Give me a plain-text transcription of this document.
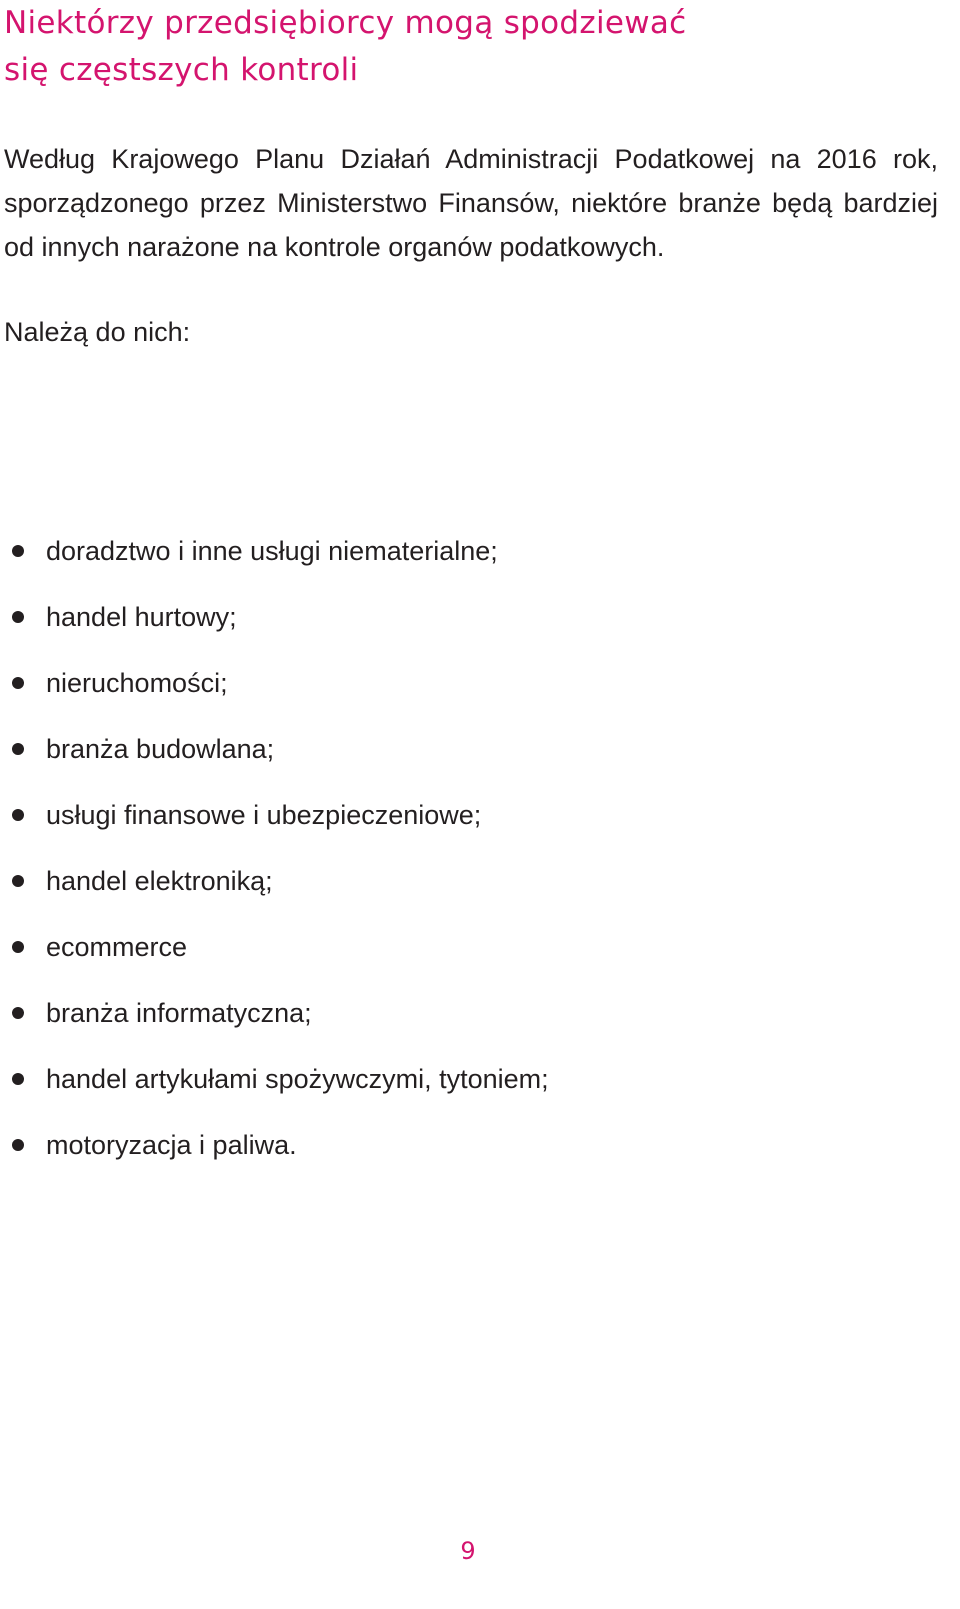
Niektórzy przedsiębiorcy mogą spodziewać
się częstszych kontroli

Według Krajowego Planu Działań Administracji Podatkowej na 2016 rok, sporządzonego przez Ministerstwo Finansów, niektóre branże będą bardziej od innych narażone na kontrole organów podatkowych.

Należą do nich:

doradztwo i inne usługi niematerialne;
handel hurtowy;
nieruchomości;
branża budowlana;
usługi finansowe i ubezpieczeniowe;
handel elektroniką;
ecommerce
branża informatyczna;
handel artykułami spożywczymi, tytoniem;
motoryzacja i paliwa.
9
